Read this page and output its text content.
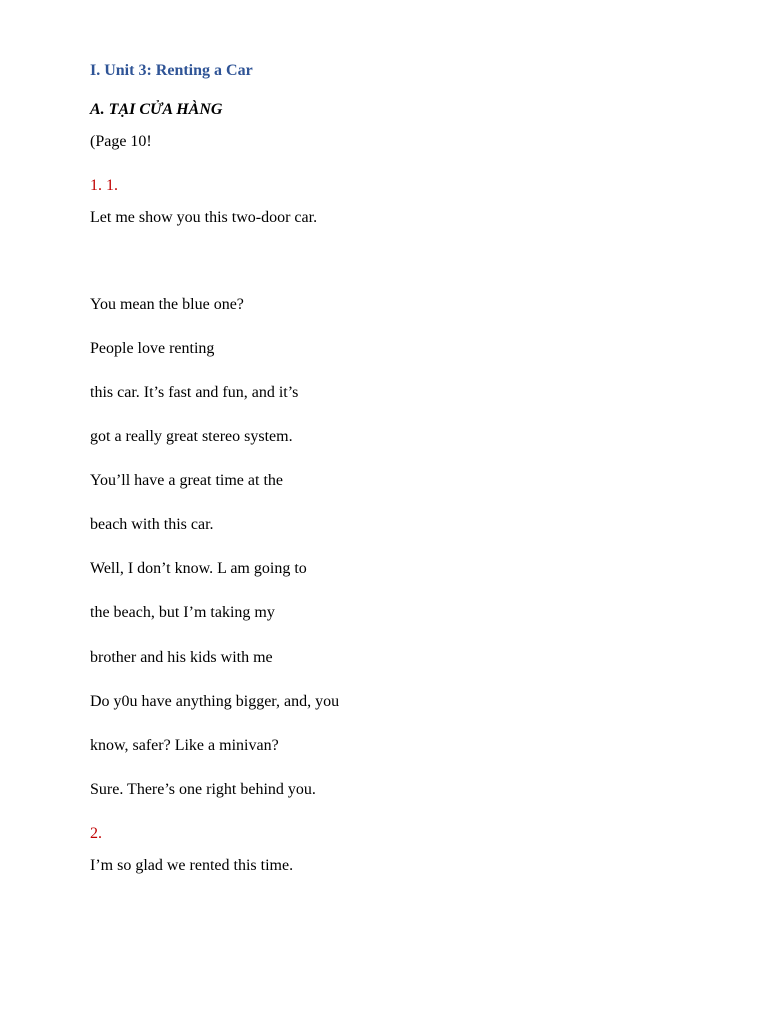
I. Unit 3: Renting a Car
A. TẠI CỬA HÀNG
(Page 10!
1. 1.
Let me show you this two-door car.
You mean the blue one?
People love renting
this car. It’s fast and fun, and it’s
got a really great stereo system.
You’ll have a great time at the
beach with this car.
Well, I don’t know. L am going to
the beach, but I’m taking my
brother and his kids with me
Do y0u have anything bigger, and, you
know, safer? Like a minivan?
Sure. There’s one right behind you.
2.
I’m so glad we rented this time.
